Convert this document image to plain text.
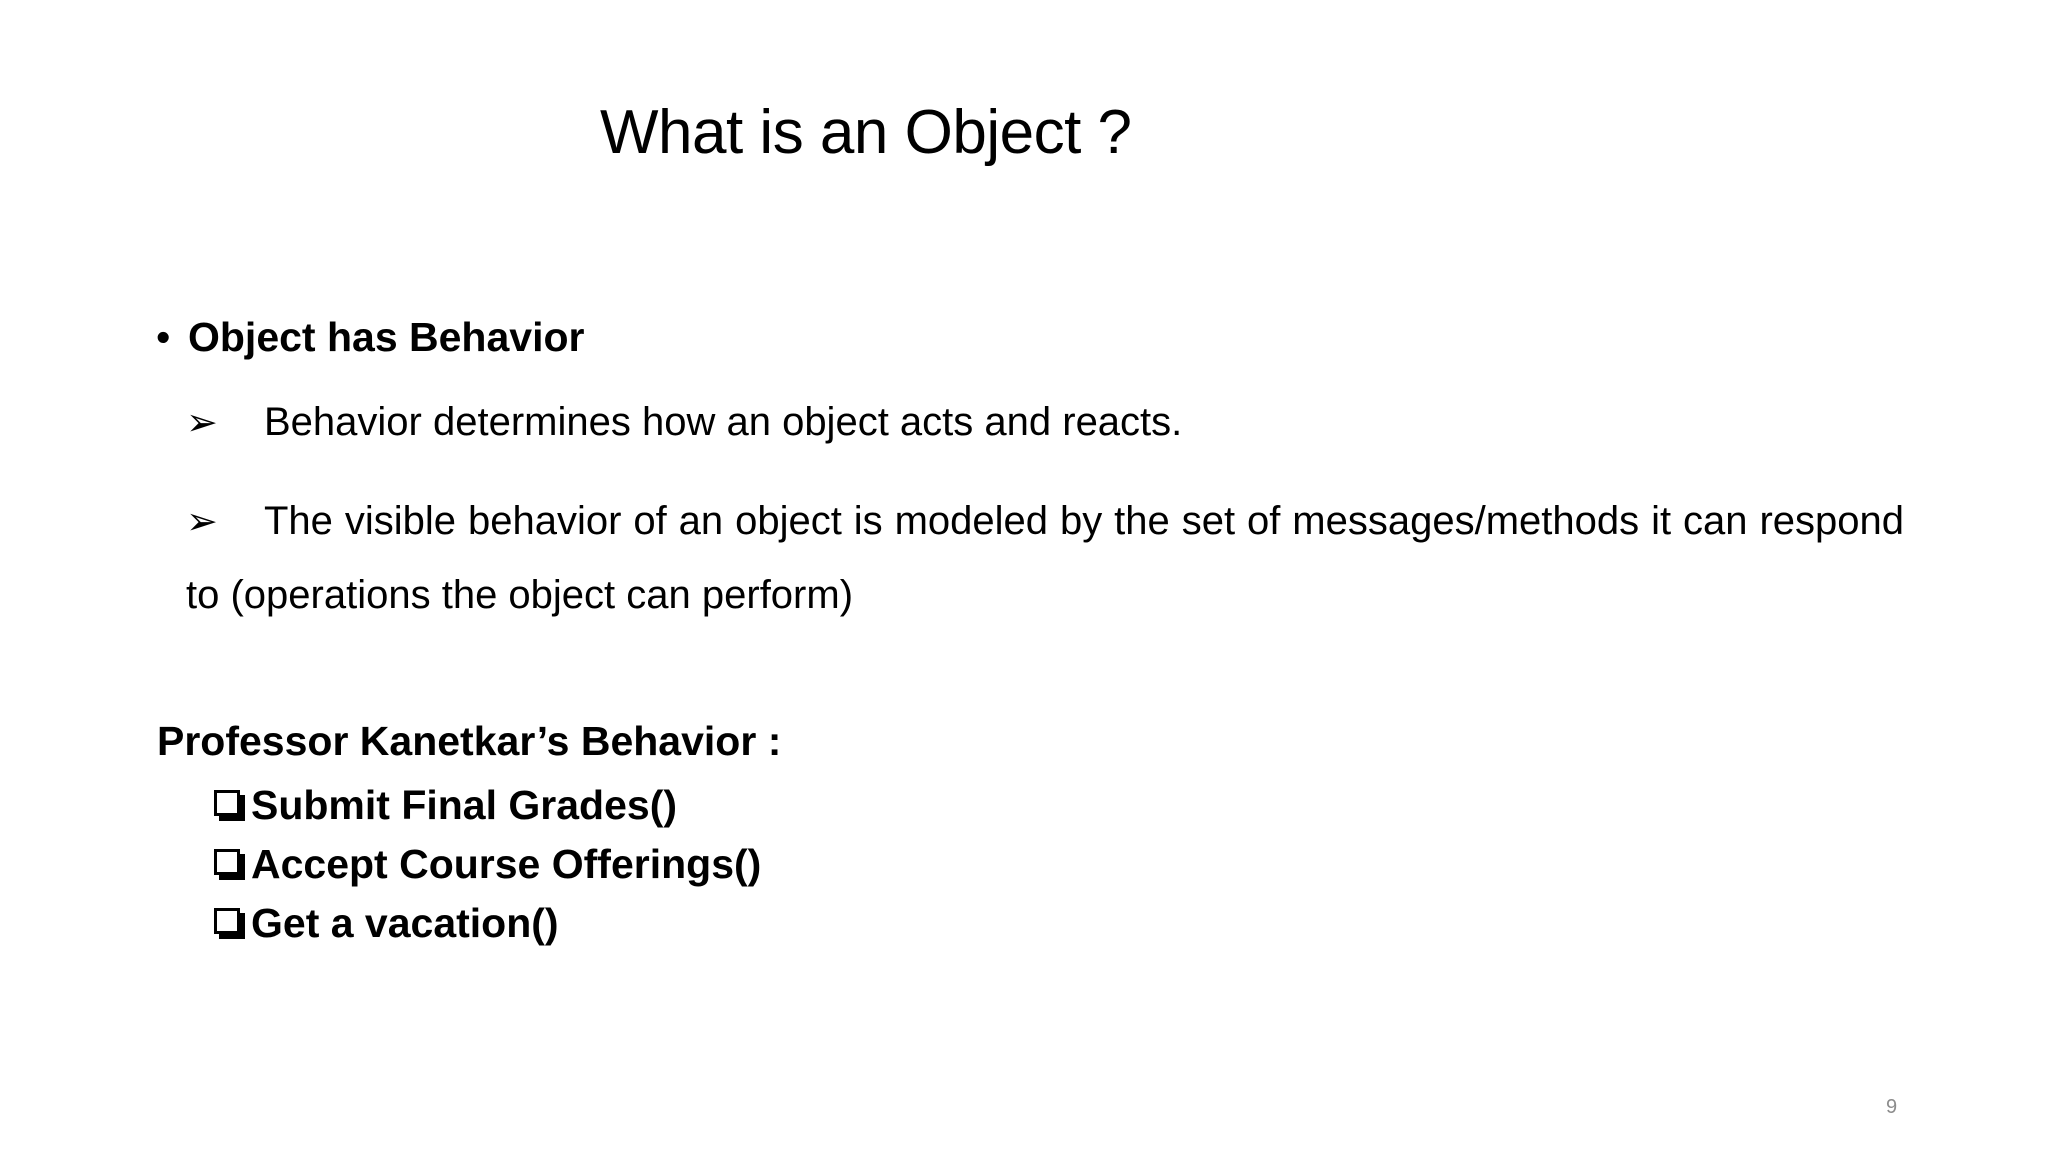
What is an Object ?
• Object has Behavior
➢	Behavior determines how an object acts and reacts.
➢ The visible behavior of an object is modeled by the set of messages/methods it can respond to (operations the object can perform)
Professor Kanetkar’s Behavior :
Submit Final Grades()
Accept Course Offerings()
Get a vacation()
9
